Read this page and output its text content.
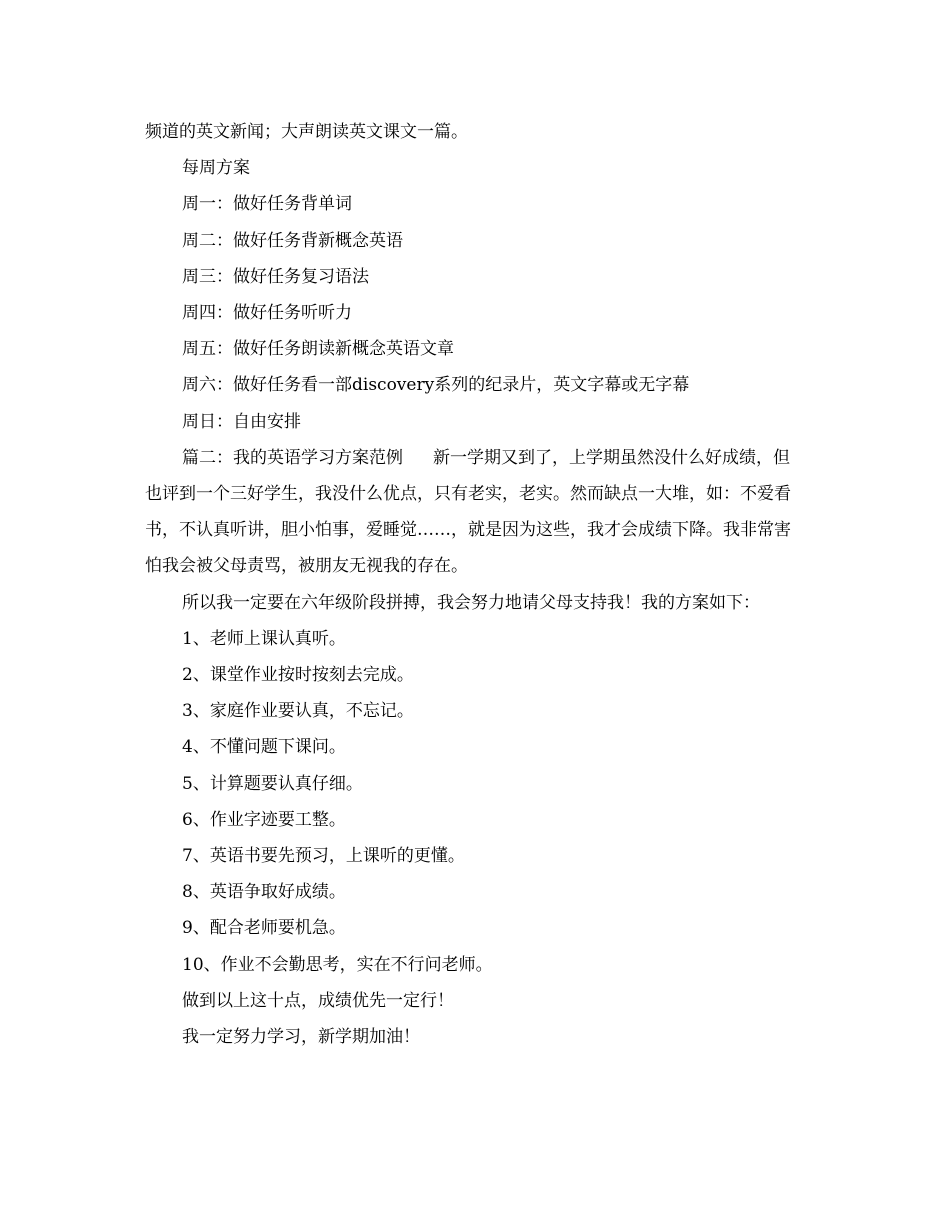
频道的英文新闻；大声朗读英文课文一篇。

每周方案

周一：做好任务背单词

周二：做好任务背新概念英语

周三：做好任务复习语法

周四：做好任务听听力

周五：做好任务朗读新概念英语文章

周六：做好任务看一部discovery系列的纪录片，英文字幕或无字幕

周日：自由安排

篇二：我的英语学习方案范例 新一学期又到了，上学期虽然没什么好成绩，但也评到一个三好学生，我没什么优点，只有老实，老实。然而缺点一大堆，如：不爱看书，不认真听讲，胆小怕事，爱睡觉……，就是因为这些，我才会成绩下降。我非常害怕我会被父母责骂，被朋友无视我的存在。

所以我一定要在六年级阶段拼搏，我会努力地请父母支持我！我的方案如下：

1、老师上课认真听。

2、课堂作业按时按刻去完成。

3、家庭作业要认真，不忘记。

4、不懂问题下课问。

5、计算题要认真仔细。

6、作业字迹要工整。

7、英语书要先预习，上课听的更懂。

8、英语争取好成绩。

9、配合老师要机急。

10、作业不会勤思考，实在不行问老师。

做到以上这十点，成绩优先一定行！

我一定努力学习，新学期加油！
